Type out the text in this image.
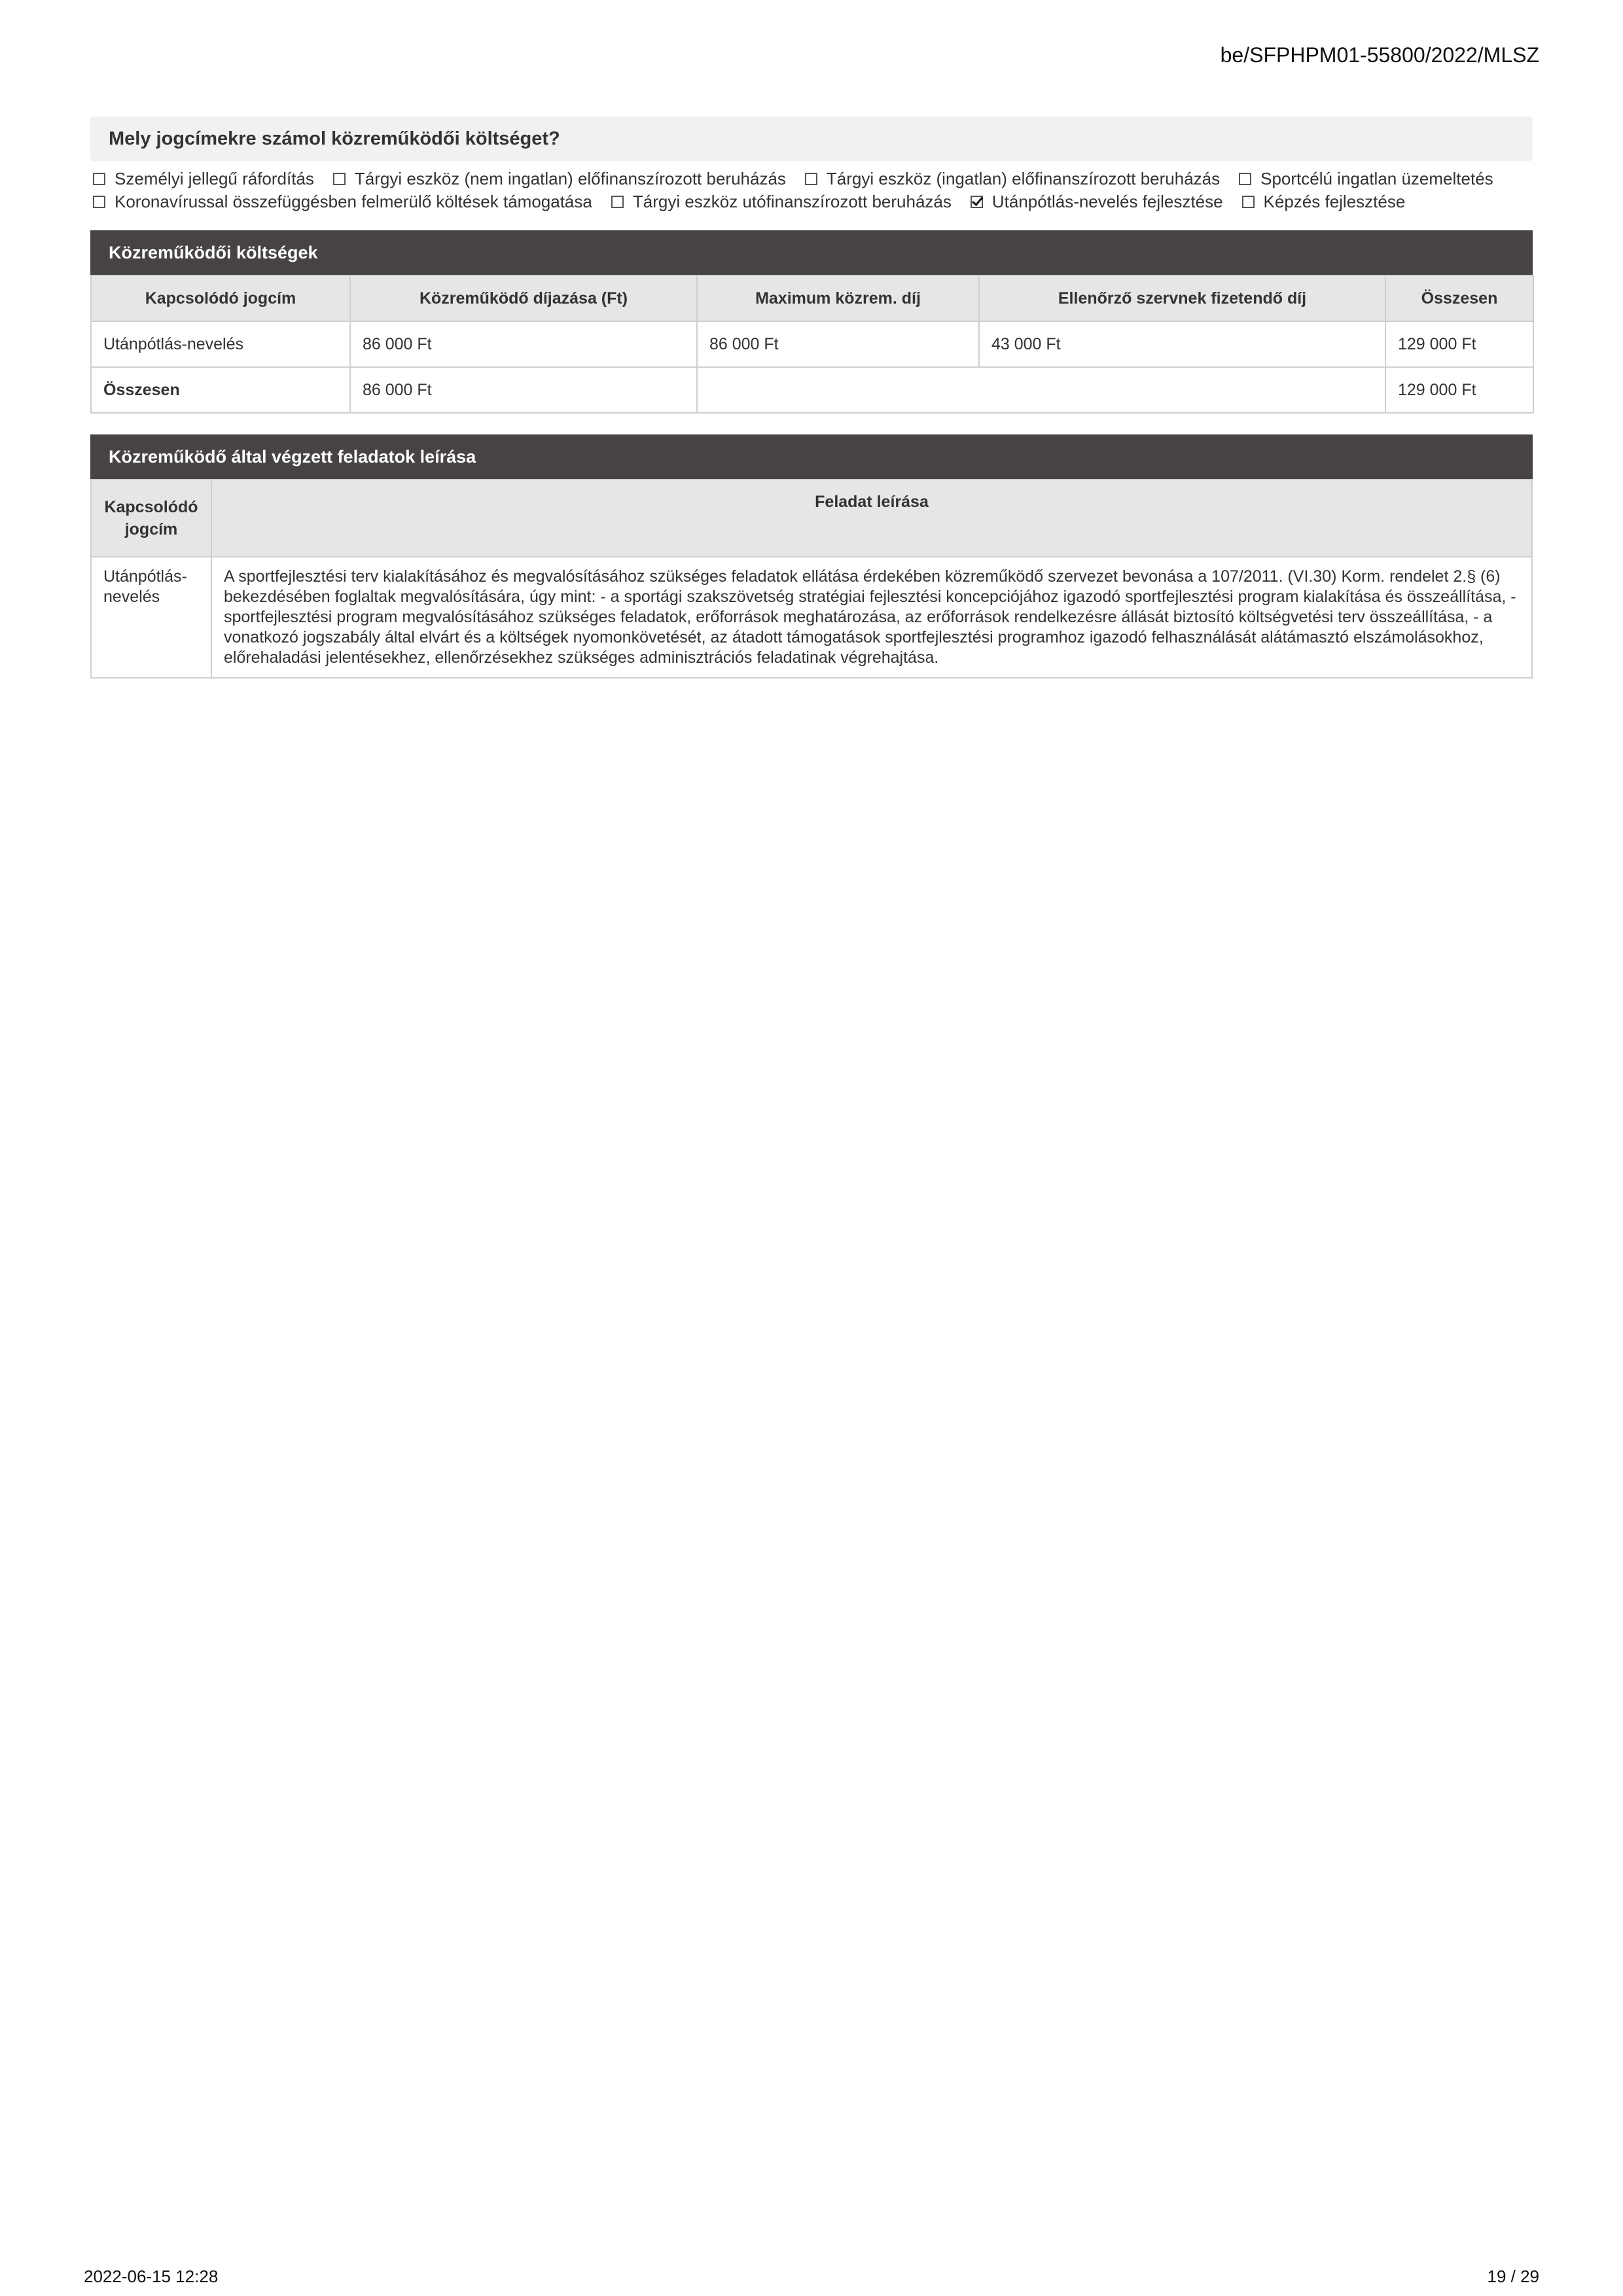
be/SFPHPM01-55800/2022/MLSZ
Mely jogcímekre számol közreműködői költséget?
Személyi jellegű ráfordítás Tárgyi eszköz (nem ingatlan) előfinanszírozott beruházás Tárgyi eszköz (ingatlan) előfinanszírozott beruházás Sportcélú ingatlan üzemeltetés
Koronavírussal összefüggésben felmerülő költések támogatása Tárgyi eszköz utófinanszírozott beruházás Utánpótlás-nevelés fejlesztése Képzés fejlesztése
Közreműködői költségek
Kapcsolódó jogcím	Közreműködő díjazása (Ft)	Maximum közrem. díj	Ellenőrző szervnek fizetendő díj	Összesen
Utánpótlás-nevelés	86 000 Ft	86 000 Ft	43 000 Ft	129 000 Ft
Összesen	86 000 Ft			129 000 Ft
Közreműködő által végzett feladatok leírása
Kapcsolódó jogcím	Feladat leírása
Utánpótlás-nevelés	A sportfejlesztési terv kialakításához és megvalósításához szükséges feladatok ellátása érdekében közreműködő szervezet bevonása a 107/2011. (VI.30) Korm. rendelet 2.§ (6) bekezdésében foglaltak megvalósítására, úgy mint: - a sportági szakszövetség stratégiai fejlesztési koncepciójához igazodó sportfejlesztési program kialakítása és összeállítása, - sportfejlesztési program megvalósításához szükséges feladatok, erőforrások meghatározása, az erőforrások rendelkezésre állását biztosító költségvetési terv összeállítása, - a vonatkozó jogszabály által elvárt és a költségek nyomonkövetését, az átadott támogatások sportfejlesztési programhoz igazodó felhasználását alátámasztó elszámolásokhoz, előrehaladási jelentésekhez, ellenőrzésekhez szükséges adminisztrációs feladatinak végrehajtása.
2022-06-15 12:28	19 / 29
